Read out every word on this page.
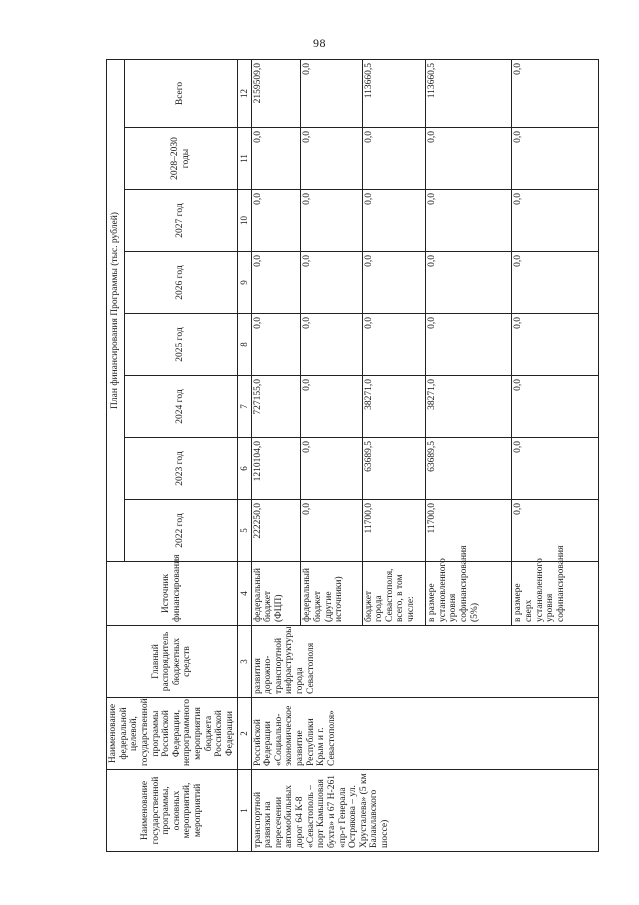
98
Наименование государственной программы, основных мероприятий, мероприятий	Наименование федеральной целевой, государственной программы Российской Федерации, непрограммного мероприятия бюджета Российской Федерации	Главный распорядитель бюджетных средств	Источник финансирования	План финансирования Программы (тыс. рублей)							
				2022 год	2023 год	2024 год	2025 год	2026 год	2027 год	2028–2030 годы	Всего
1	2	3	4	5	6	7	8	9	10	11	12
транспортной развязки на пересечении автомобильных дорог 64 К-8 «Севастополь – порт Камышовая бухта» и 67 Н-261 «пр-т Генерала Острякова – ул. Хрусталева» (5 км Балаклавского шоссе)	Российской Федерации «Социально-экономическое развитие Республики Крым и г. Севастополя»	развития дорожно-транспортной инфраструктуры города Севастополя	федеральный бюджет (ФЦП)	222250,0	1210104,0	727155,0	0,0	0,0	0,0	0,0	2159509,0
			федеральный бюджет (другие источники)	0,0	0,0	0,0	0,0	0,0	0,0	0,0	0,0
			бюджет города Севастополя, всего, в том числе:	11700,0	63689,5	38271,0	0,0	0,0	0,0	0,0	113660,5
			в размере установленного уровня софинансирования (5%)	11700,0	63689,5	38271,0	0,0	0,0	0,0	0,0	113660,5
			в размере сверх установленного уровня софинансирования	0,0	0,0	0,0	0,0	0,0	0,0	0,0	0,0
